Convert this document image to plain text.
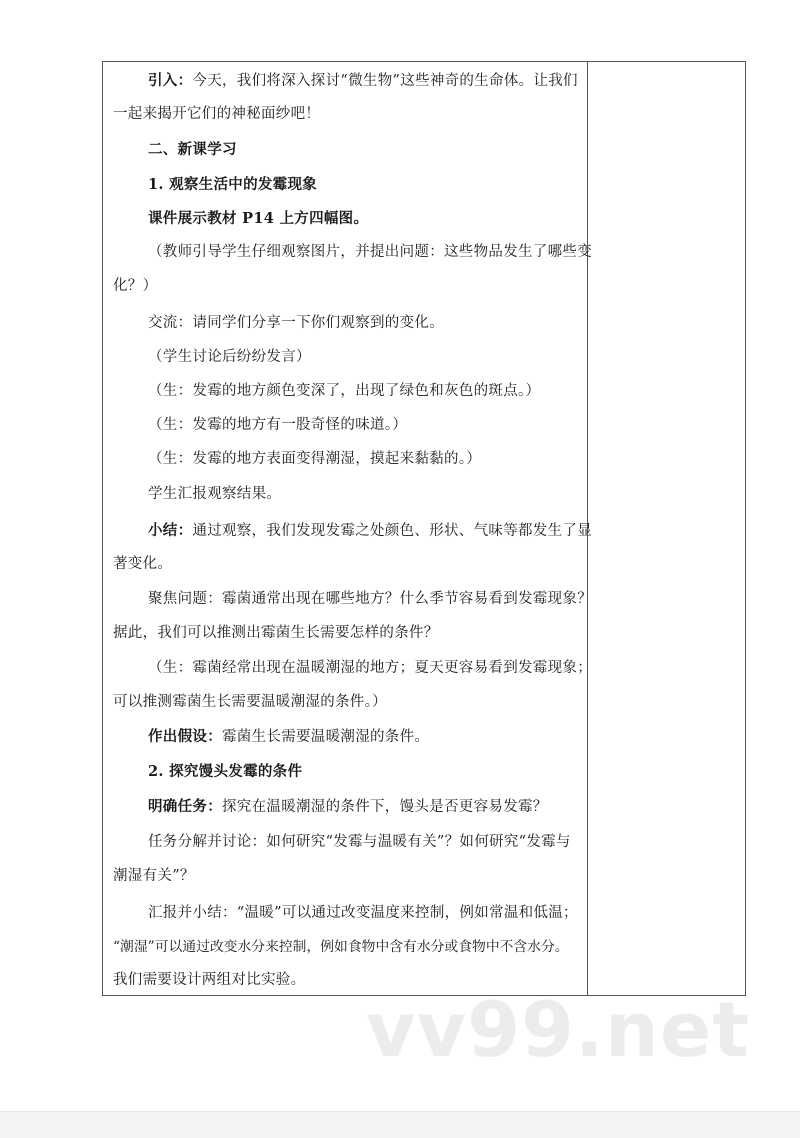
引入：今天，我们将深入探讨“微生物”这些神奇的生命体。让我们
一起来揭开它们的神秘面纱吧！
二、新课学习
1. 观察生活中的发霉现象
课件展示教材 P14 上方四幅图。
（教师引导学生仔细观察图片，并提出问题：这些物品发生了哪些变
化？）
交流：请同学们分享一下你们观察到的变化。
（学生讨论后纷纷发言）
（生：发霉的地方颜色变深了，出现了绿色和灰色的斑点。）
（生：发霉的地方有一股奇怪的味道。）
（生：发霉的地方表面变得潮湿，摸起来黏黏的。）
学生汇报观察结果。
小结：通过观察，我们发现发霉之处颜色、形状、气味等都发生了显
著变化。
聚焦问题：霉菌通常出现在哪些地方？什么季节容易看到发霉现象？
据此，我们可以推测出霉菌生长需要怎样的条件？
（生：霉菌经常出现在温暖潮湿的地方；夏天更容易看到发霉现象；
可以推测霉菌生长需要温暖潮湿的条件。）
作出假设：霉菌生长需要温暖潮湿的条件。
2. 探究馒头发霉的条件
明确任务：探究在温暖潮湿的条件下，馒头是否更容易发霉？
任务分解并讨论：如何研究“发霉与温暖有关”？如何研究“发霉与
潮湿有关”？
汇报并小结：“温暖”可以通过改变温度来控制，例如常温和低温；
“潮湿”可以通过改变水分来控制，例如食物中含有水分或食物中不含水分。
我们需要设计两组对比实验。
vv99.net
